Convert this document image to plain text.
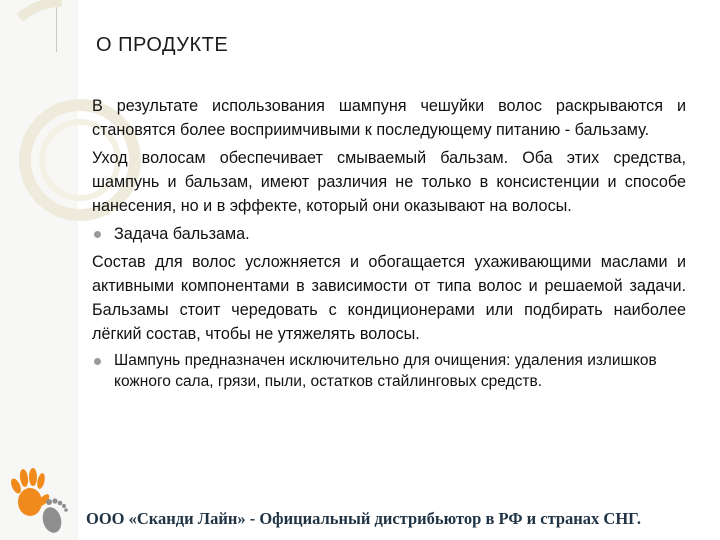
О ПРОДУКТЕ

В результате использования шампуня чешуйки волос раскрываются и становятся более восприимчивыми к последующему питанию - бальзаму.

Уход волосам обеспечивает смываемый бальзам. Оба этих средства, шампунь и бальзам, имеют различия не только в консистенции и способе нанесения, но и в эффекте, который они оказывают на волосы.

Задача бальзама.

Состав для волос усложняется и обогащается ухаживающими маслами и активными компонентами в зависимости от типа волос и решаемой задачи. Бальзамы стоит чередовать с кондиционерами или подбирать наиболее лёгкий состав, чтобы не утяжелять волосы.

Шампунь предназначен исключительно для очищения: удаления излишков кожного сала, грязи, пыли, остатков стайлинговых средств.
ООО «Сканди Лайн» - Официальный дистрибьютор в РФ и странах СНГ.
